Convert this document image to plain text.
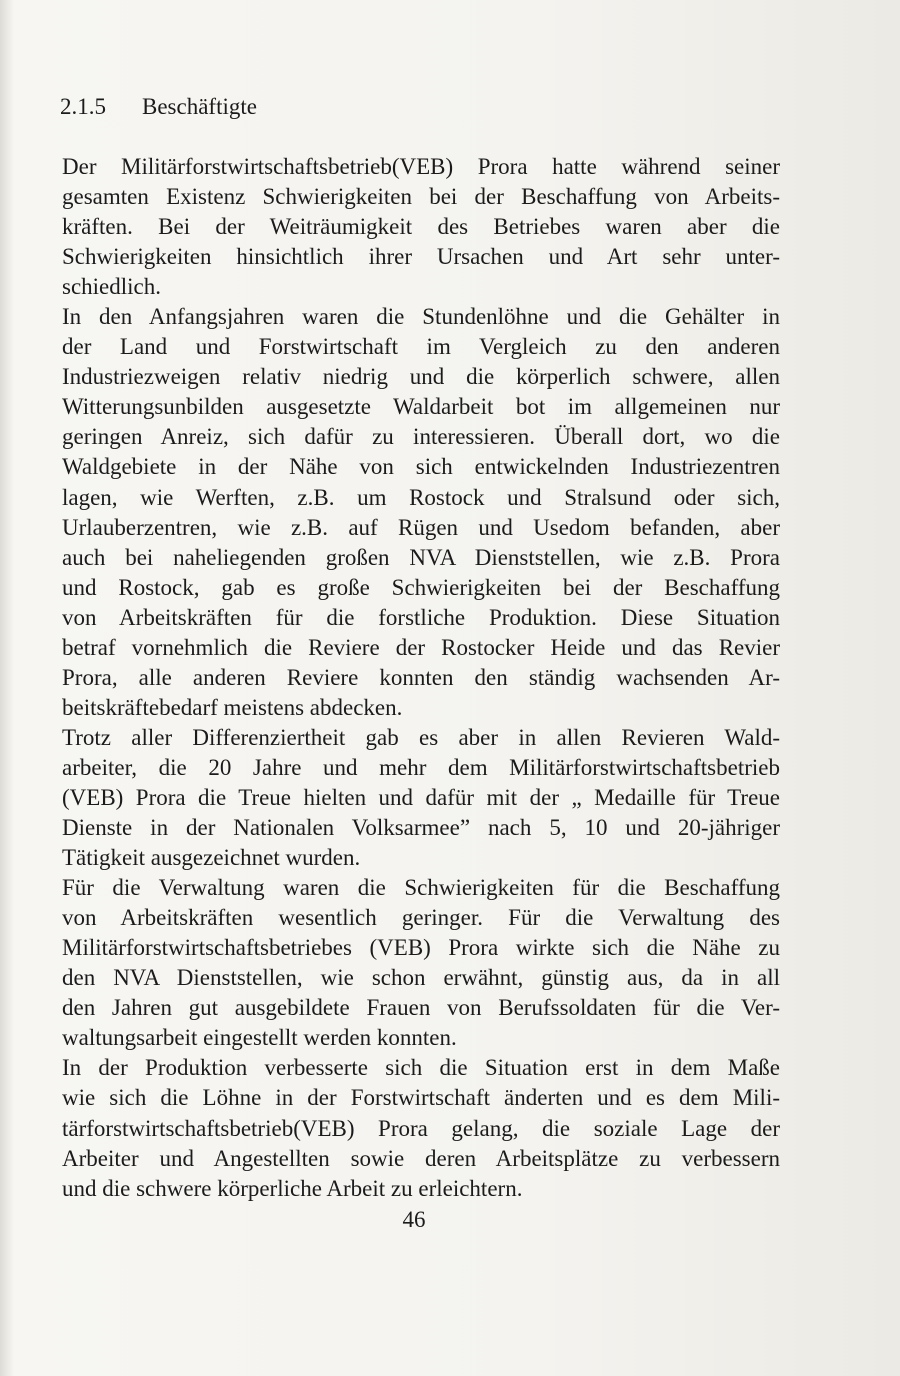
2.1.5 Beschäftigte
Der Militärforstwirtschaftsbetrieb(VEB) Prora hatte während seiner
gesamten Existenz Schwierigkeiten bei der Beschaffung von Arbeits-
kräften. Bei der Weiträumigkeit des Betriebes waren aber die
Schwierigkeiten hinsichtlich ihrer Ursachen und Art sehr unter-
schiedlich.
In den Anfangsjahren waren die Stundenlöhne und die Gehälter in
der Land und Forstwirtschaft im Vergleich zu den anderen
Industriezweigen relativ niedrig und die körperlich schwere, allen
Witterungsunbilden ausgesetzte Waldarbeit bot im allgemeinen nur
geringen Anreiz, sich dafür zu interessieren. Überall dort, wo die
Waldgebiete in der Nähe von sich entwickelnden Industriezentren
lagen, wie Werften, z.B. um Rostock und Stralsund oder sich,
Urlauberzentren, wie z.B. auf Rügen und Usedom befanden, aber
auch bei naheliegenden großen NVA Dienststellen, wie z.B. Prora
und Rostock, gab es große Schwierigkeiten bei der Beschaffung
von Arbeitskräften für die forstliche Produktion. Diese Situation
betraf vornehmlich die Reviere der Rostocker Heide und das Revier
Prora, alle anderen Reviere konnten den ständig wachsenden Ar-
beitskräftebedarf meistens abdecken.
Trotz aller Differenziertheit gab es aber in allen Revieren Wald-
arbeiter, die 20 Jahre und mehr dem Militärforstwirtschaftsbetrieb
(VEB) Prora die Treue hielten und dafür mit der „ Medaille für Treue
Dienste in der Nationalen Volksarmee” nach 5, 10 und 20-jähriger
Tätigkeit ausgezeichnet wurden.
Für die Verwaltung waren die Schwierigkeiten für die Beschaffung
von Arbeitskräften wesentlich geringer. Für die Verwaltung des
Militärforstwirtschaftsbetriebes (VEB) Prora wirkte sich die Nähe zu
den NVA Dienststellen, wie schon erwähnt, günstig aus, da in all
den Jahren gut ausgebildete Frauen von Berufssoldaten für die Ver-
waltungsarbeit eingestellt werden konnten.
In der Produktion verbesserte sich die Situation erst in dem Maße
wie sich die Löhne in der Forstwirtschaft änderten und es dem Mili-
tärforstwirtschaftsbetrieb(VEB) Prora gelang, die soziale Lage der
Arbeiter und Angestellten sowie deren Arbeitsplätze zu verbessern
und die schwere körperliche Arbeit zu erleichtern.
46
